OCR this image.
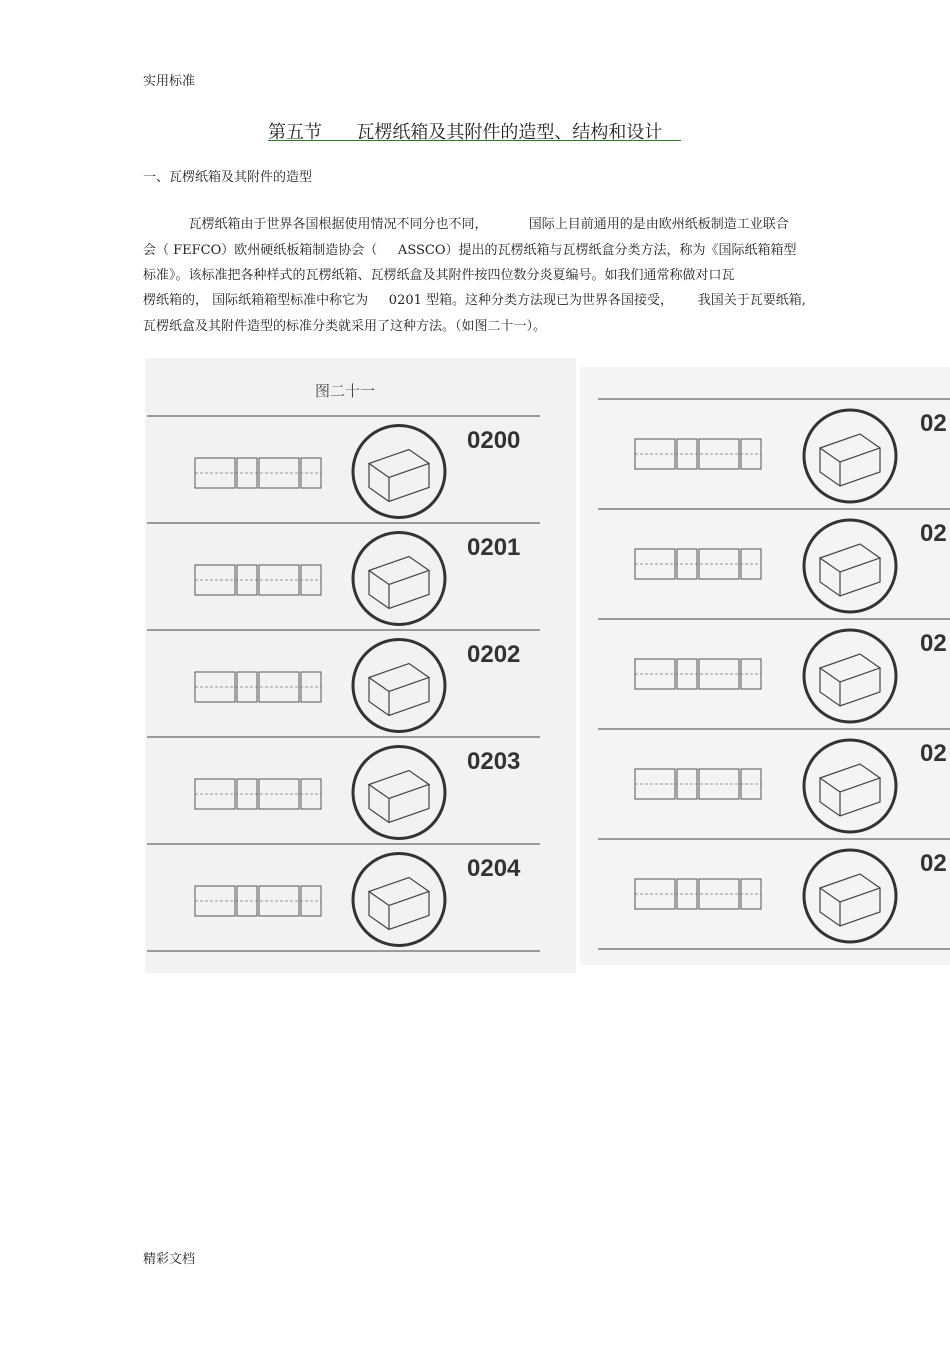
实用标准
第五节      瓦楞纸箱及其附件的造型、结构和设计
一、瓦楞纸箱及其附件的造型
瓦楞纸箱由于世界各国根据使用情况不同分也不同，          国际上目前通用的是由欧州纸板制造工业联合
会（ FEFCO）欧州硬纸板箱制造协会（     ASSCO）提出的瓦楞纸箱与瓦楞纸盒分类方法，称为《国际纸箱箱型
标准》。该标准把各种样式的瓦楞纸箱、瓦楞纸盒及其附件按四位数分炎夏编号。如我们通常称做对口瓦
楞纸箱的， 国际纸箱箱型标准中称它为     0201 型箱。这种分类方法现已为世界各国接受，      我国关于瓦要纸箱,
瓦楞纸盒及其附件造型的标准分类就采用了这种方法。（如图二十一）。
图二十一
0200
0201
0202
0203
0204
02
02
02
02
02
精彩文档
